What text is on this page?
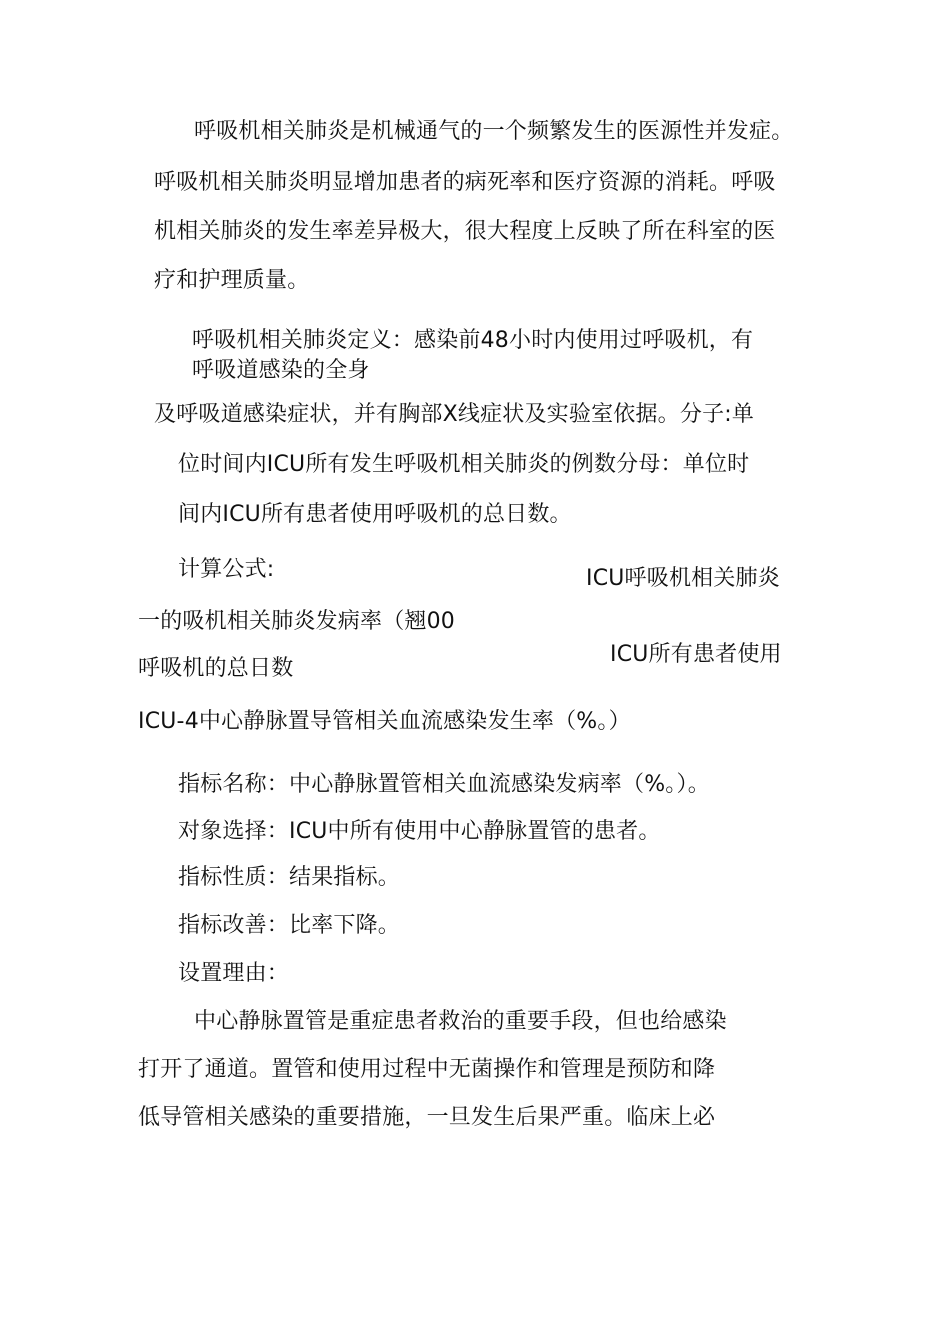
呼吸机相关肺炎是机械通气的一个频繁发生的医源性并发症。
呼吸机相关肺炎明显增加患者的病死率和医疗资源的消耗。呼吸
机相关肺炎的发生率差异极大，很大程度上反映了所在科室的医
疗和护理质量。
呼吸机相关肺炎定义：感染前48小时内使用过呼吸机，有
呼吸道感染的全身
及呼吸道感染症状，并有胸部X线症状及实验室依据。分子:单
位时间内ICU所有发生呼吸机相关肺炎的例数分母：单位时
间内ICU所有患者使用呼吸机的总日数。
计算公式:	ICU呼吸机相关肺炎
一的吸机相关肺炎发病率（翘00
ICU所有患者使用
呼吸机的总日数
ICU-4中心静脉置导管相关血流感染发生率（%。）
指标名称：中心静脉置管相关血流感染发病率（%。）。
对象选择：ICU中所有使用中心静脉置管的患者。
指标性质：结果指标。
指标改善：比率下降。
设置理由：
中心静脉置管是重症患者救治的重要手段，但也给感染
打开了通道。置管和使用过程中无菌操作和管理是预防和降
低导管相关感染的重要措施，一旦发生后果严重。临床上必
